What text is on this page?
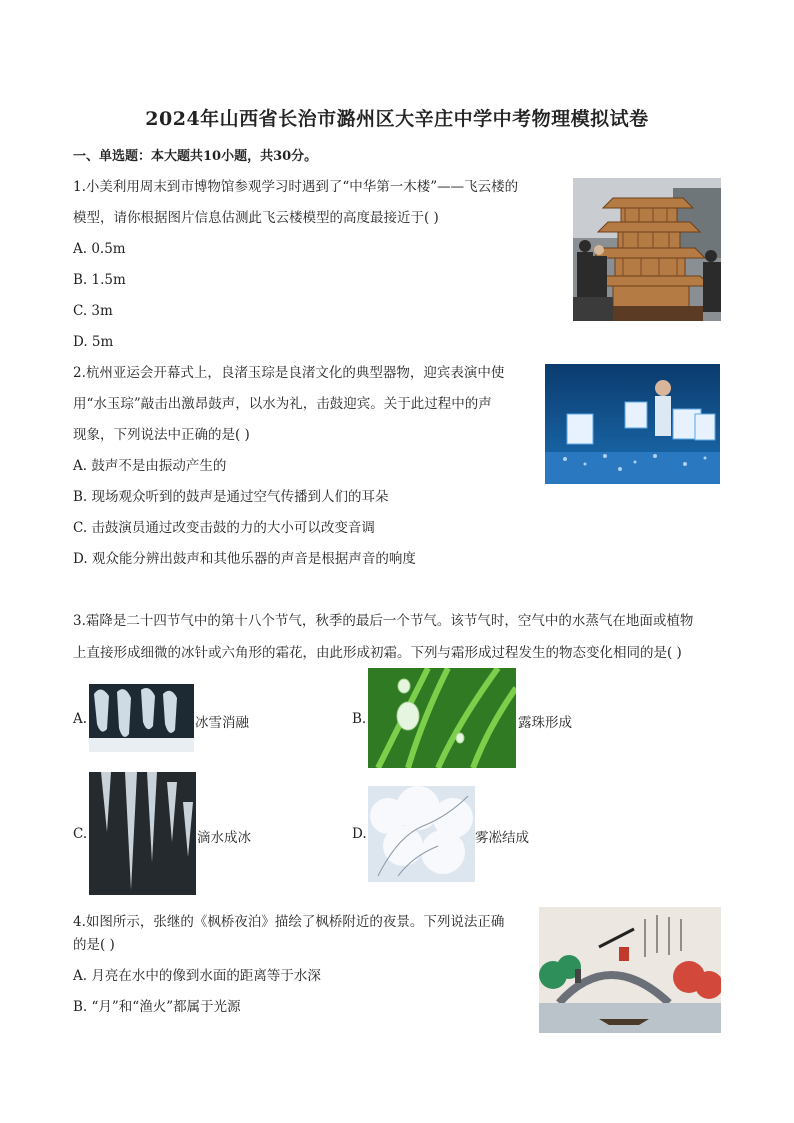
2024年山西省长治市潞州区大辛庄中学中考物理模拟试卷
一、单选题：本大题共10小题，共30分。
1.小美利用周末到市博物馆参观学习时遇到了“中华第一木楼”——飞云楼的
模型，请你根据图片信息估测此飞云楼模型的高度最接近于( )
A. 0.5m
B. 1.5m
C. 3m
D. 5m
2.杭州亚运会开幕式上，良渚玉琮是良渚文化的典型器物，迎宾表演中使
用“水玉琮”敲击出激昂鼓声，以水为礼，击鼓迎宾。关于此过程中的声
现象，下列说法中正确的是( )
A. 鼓声不是由振动产生的
B. 现场观众听到的鼓声是通过空气传播到人们的耳朵
C. 击鼓演员通过改变击鼓的力的大小可以改变音调
D. 观众能分辨出鼓声和其他乐器的声音是根据声音的响度
3.霜降是二十四节气中的第十八个节气，秋季的最后一个节气。该节气时，空气中的水蒸气在地面或植物
上直接形成细微的冰针或六角形的霜花，由此形成初霜。下列与霜形成过程发生的物态变化相同的是( )
A.	冰雪消融	B.	露珠形成
C.	滴水成冰	D.	雾凇结成
4.如图所示，张继的《枫桥夜泊》描绘了枫桥附近的夜景。下列说法正确
的是( )
A. 月亮在水中的像到水面的距离等于水深
B. “月”和“渔火”都属于光源
